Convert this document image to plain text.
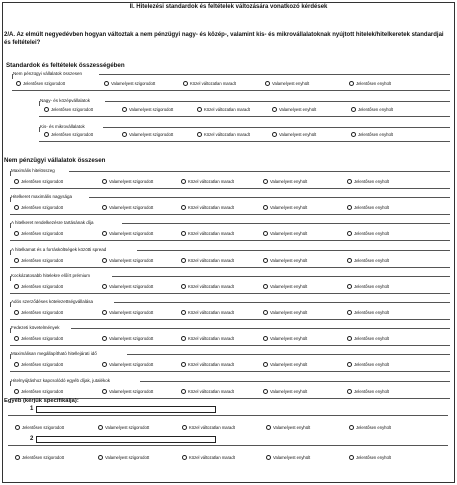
II. Hitelezési standardok és feltételek változására vonatkozó kérdések
2/A. Az elmúlt negyedévben hogyan változtak a nem pénzügyi nagy- és közép-, valamint kis- és mikrovállalatoknak nyújtott hitelek/hitelkeretek standardjai és feltételei?
Standardok és feltételek összességében
Nem pénzügyi vállalatok összesen
Jelentősen szigorodott	Valamelyest szigorodott	Közel változatlan maradt	Valamelyest enyhült	Jelentősen enyhült
Nagy- és középvállalatok
Jelentősen szigorodott	Valamelyest szigorodott	Közel változatlan maradt	Valamelyest enyhült	Jelentősen enyhült
Kis- és mikrovállalatok
Jelentősen szigorodott	Valamelyest szigorodott	Közel változatlan maradt	Valamelyest enyhült	Jelentősen enyhült
Nem pénzügyi vállalatok összesen
Maximális hitelösszeg
Jelentősen szigorodott	Valamelyest szigorodott	Közel változatlan maradt	Valamelyest enyhült	Jelentősen enyhült
Hitelkeret maximális nagysága
Jelentősen szigorodott	Valamelyest szigorodott	Közel változatlan maradt	Valamelyest enyhült	Jelentősen enyhült
A hitelkeret rendelkezésre tartásának díja
Jelentősen szigorodott	Valamelyest szigorodott	Közel változatlan maradt	Valamelyest enyhült	Jelentősen enyhült
A hitelkamat és a forrásköltségek közötti spread
Jelentősen szigorodott	Valamelyest szigorodott	Közel változatlan maradt	Valamelyest enyhült	Jelentősen enyhült
Kockázatosabb hitelekre előírt prémium
Jelentősen szigorodott	Valamelyest szigorodott	Közel változatlan maradt	Valamelyest enyhült	Jelentősen enyhült
Adós szerződéses kötelezettségvállalása
Jelentősen szigorodott	Valamelyest szigorodott	Közel változatlan maradt	Valamelyest enyhült	Jelentősen enyhült
Fedezeti követelmények
Jelentősen szigorodott	Valamelyest szigorodott	Közel változatlan maradt	Valamelyest enyhült	Jelentősen enyhült
Maximálisan megállapítható hitellejárati idő
Jelentősen szigorodott	Valamelyest szigorodott	Közel változatlan maradt	Valamelyest enyhült	Jelentősen enyhült
Hitelnyújtáshoz kapcsolódó egyéb díjak, jutalékok
Jelentősen szigorodott	Valamelyest szigorodott	Közel változatlan maradt	Valamelyest enyhült	Jelentősen enyhült
Egyéb (kérjük specifikálja):
1
Jelentősen szigorodott	Valamelyest szigorodott	Közel változatlan maradt	Valamelyest enyhült	Jelentősen enyhült
2
Jelentősen szigorodott	Valamelyest szigorodott	Közel változatlan maradt	Valamelyest enyhült	Jelentősen enyhült
